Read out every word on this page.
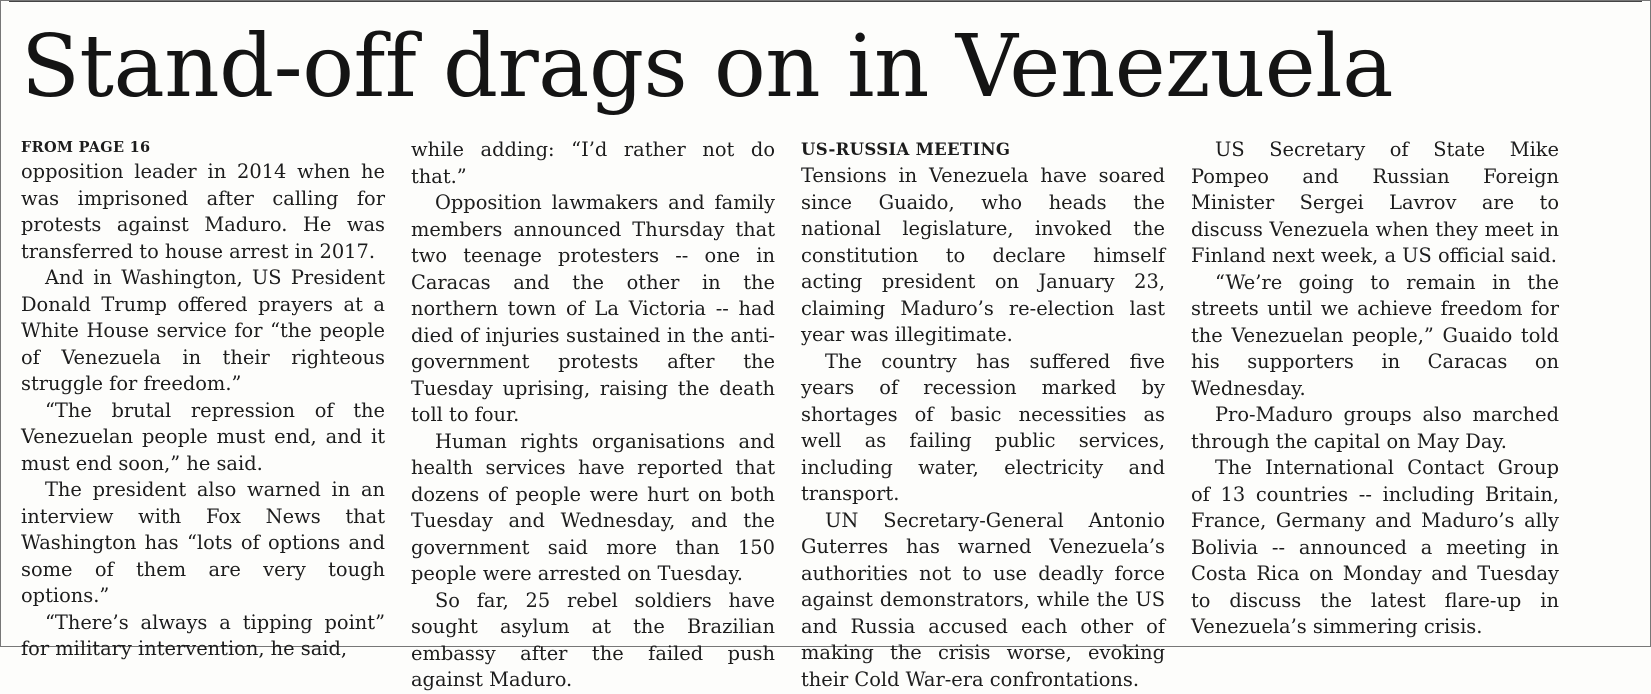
Stand-off drags on in Venezuela
FROM PAGE 16

opposition leader in 2014 when he was imprisoned after calling for protests against Maduro. He was transferred to house arrest in 2017.

And in Washington, US President Donald Trump offered prayers at a White House service for “the people of Venezuela in their righteous struggle for freedom.”

“The brutal repression of the Venezuelan people must end, and it must end soon,” he said.

The president also warned in an interview with Fox News that Washington has “lots of options and some of them are very tough options.”

“There’s always a tipping point” for military intervention, he said,

while adding: “I’d rather not do that.”

Opposition lawmakers and family members announced Thursday that two teenage protesters -- one in Caracas and the other in the northern town of La Victoria -- had died of injuries sustained in the anti-government protests after the Tuesday uprising, raising the death toll to four.

Human rights organisations and health services have reported that dozens of people were hurt on both Tuesday and Wednesday, and the government said more than 150 people were arrested on Tuesday.

So far, 25 rebel soldiers have sought asylum at the Brazilian embassy after the failed push against Maduro.

US-RUSSIA MEETING

Tensions in Venezuela have soared since Guaido, who heads the national legislature, invoked the constitution to declare himself acting president on January 23, claiming Maduro’s re-election last year was illegitimate.

The country has suffered five years of recession marked by shortages of basic necessities as well as failing public services, including water, electricity and transport.

UN Secretary-General Antonio Guterres has warned Venezuela’s authorities not to use deadly force against demonstrators, while the US and Russia accused each other of making the crisis worse, evoking their Cold War-era confrontations.

US Secretary of State Mike Pompeo and Russian Foreign Minister Sergei Lavrov are to discuss Venezuela when they meet in Finland next week, a US official said.

“We’re going to remain in the streets until we achieve freedom for the Venezuelan people,” Guaido told his supporters in Caracas on Wednesday.

Pro-Maduro groups also marched through the capital on May Day.

The International Contact Group of 13 countries -- including Britain, France, Germany and Maduro’s ally Bolivia -- announced a meeting in Costa Rica on Monday and Tuesday to discuss the latest flare-up in Venezuela’s simmering crisis.
